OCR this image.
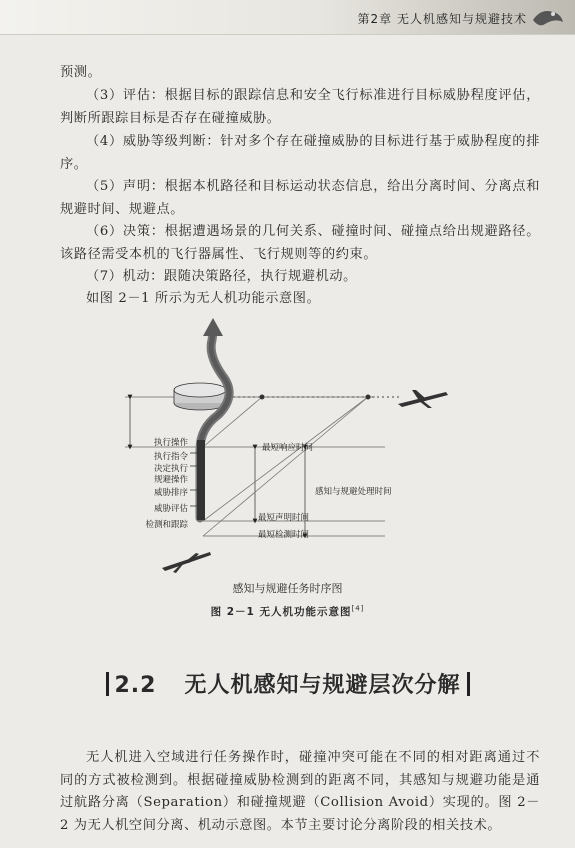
第2章 无人机感知与规避技术

预测。

（3）评估：根据目标的跟踪信息和安全飞行标准进行目标威胁程度评估，判断所跟踪目标是否存在碰撞威胁。

（4）威胁等级判断：针对多个存在碰撞威胁的目标进行基于威胁程度的排序。

（5）声明：根据本机路径和目标运动状态信息，给出分离时间、分离点和规避时间、规避点。

（6）决策：根据遭遇场景的几何关系、碰撞时间、碰撞点给出规避路径。该路径需受本机的飞行器属性、飞行规则等的约束。

（7）机动：跟随决策路径，执行规避机动。

如图 2－1 所示为无人机功能示意图。

执行操作
执行指令
决定执行
规避操作
威胁排序
威胁评估
检测和跟踪
最短响应时间
感知与规避处理时间
最短声明时间
最短检测时间
感知与规避任务时序图
图 2－1 无人机功能示意图[4]
2.2 无人机感知与规避层次分解

无人机进入空域进行任务操作时，碰撞冲突可能在不同的相对距离通过不同的方式被检测到。根据碰撞威胁检测到的距离不同，其感知与规避功能是通过航路分离（Separation）和碰撞规避（Collision Avoid）实现的。图 2－2 为无人机空间分离、机动示意图。本节主要讨论分离阶段的相关技术。
